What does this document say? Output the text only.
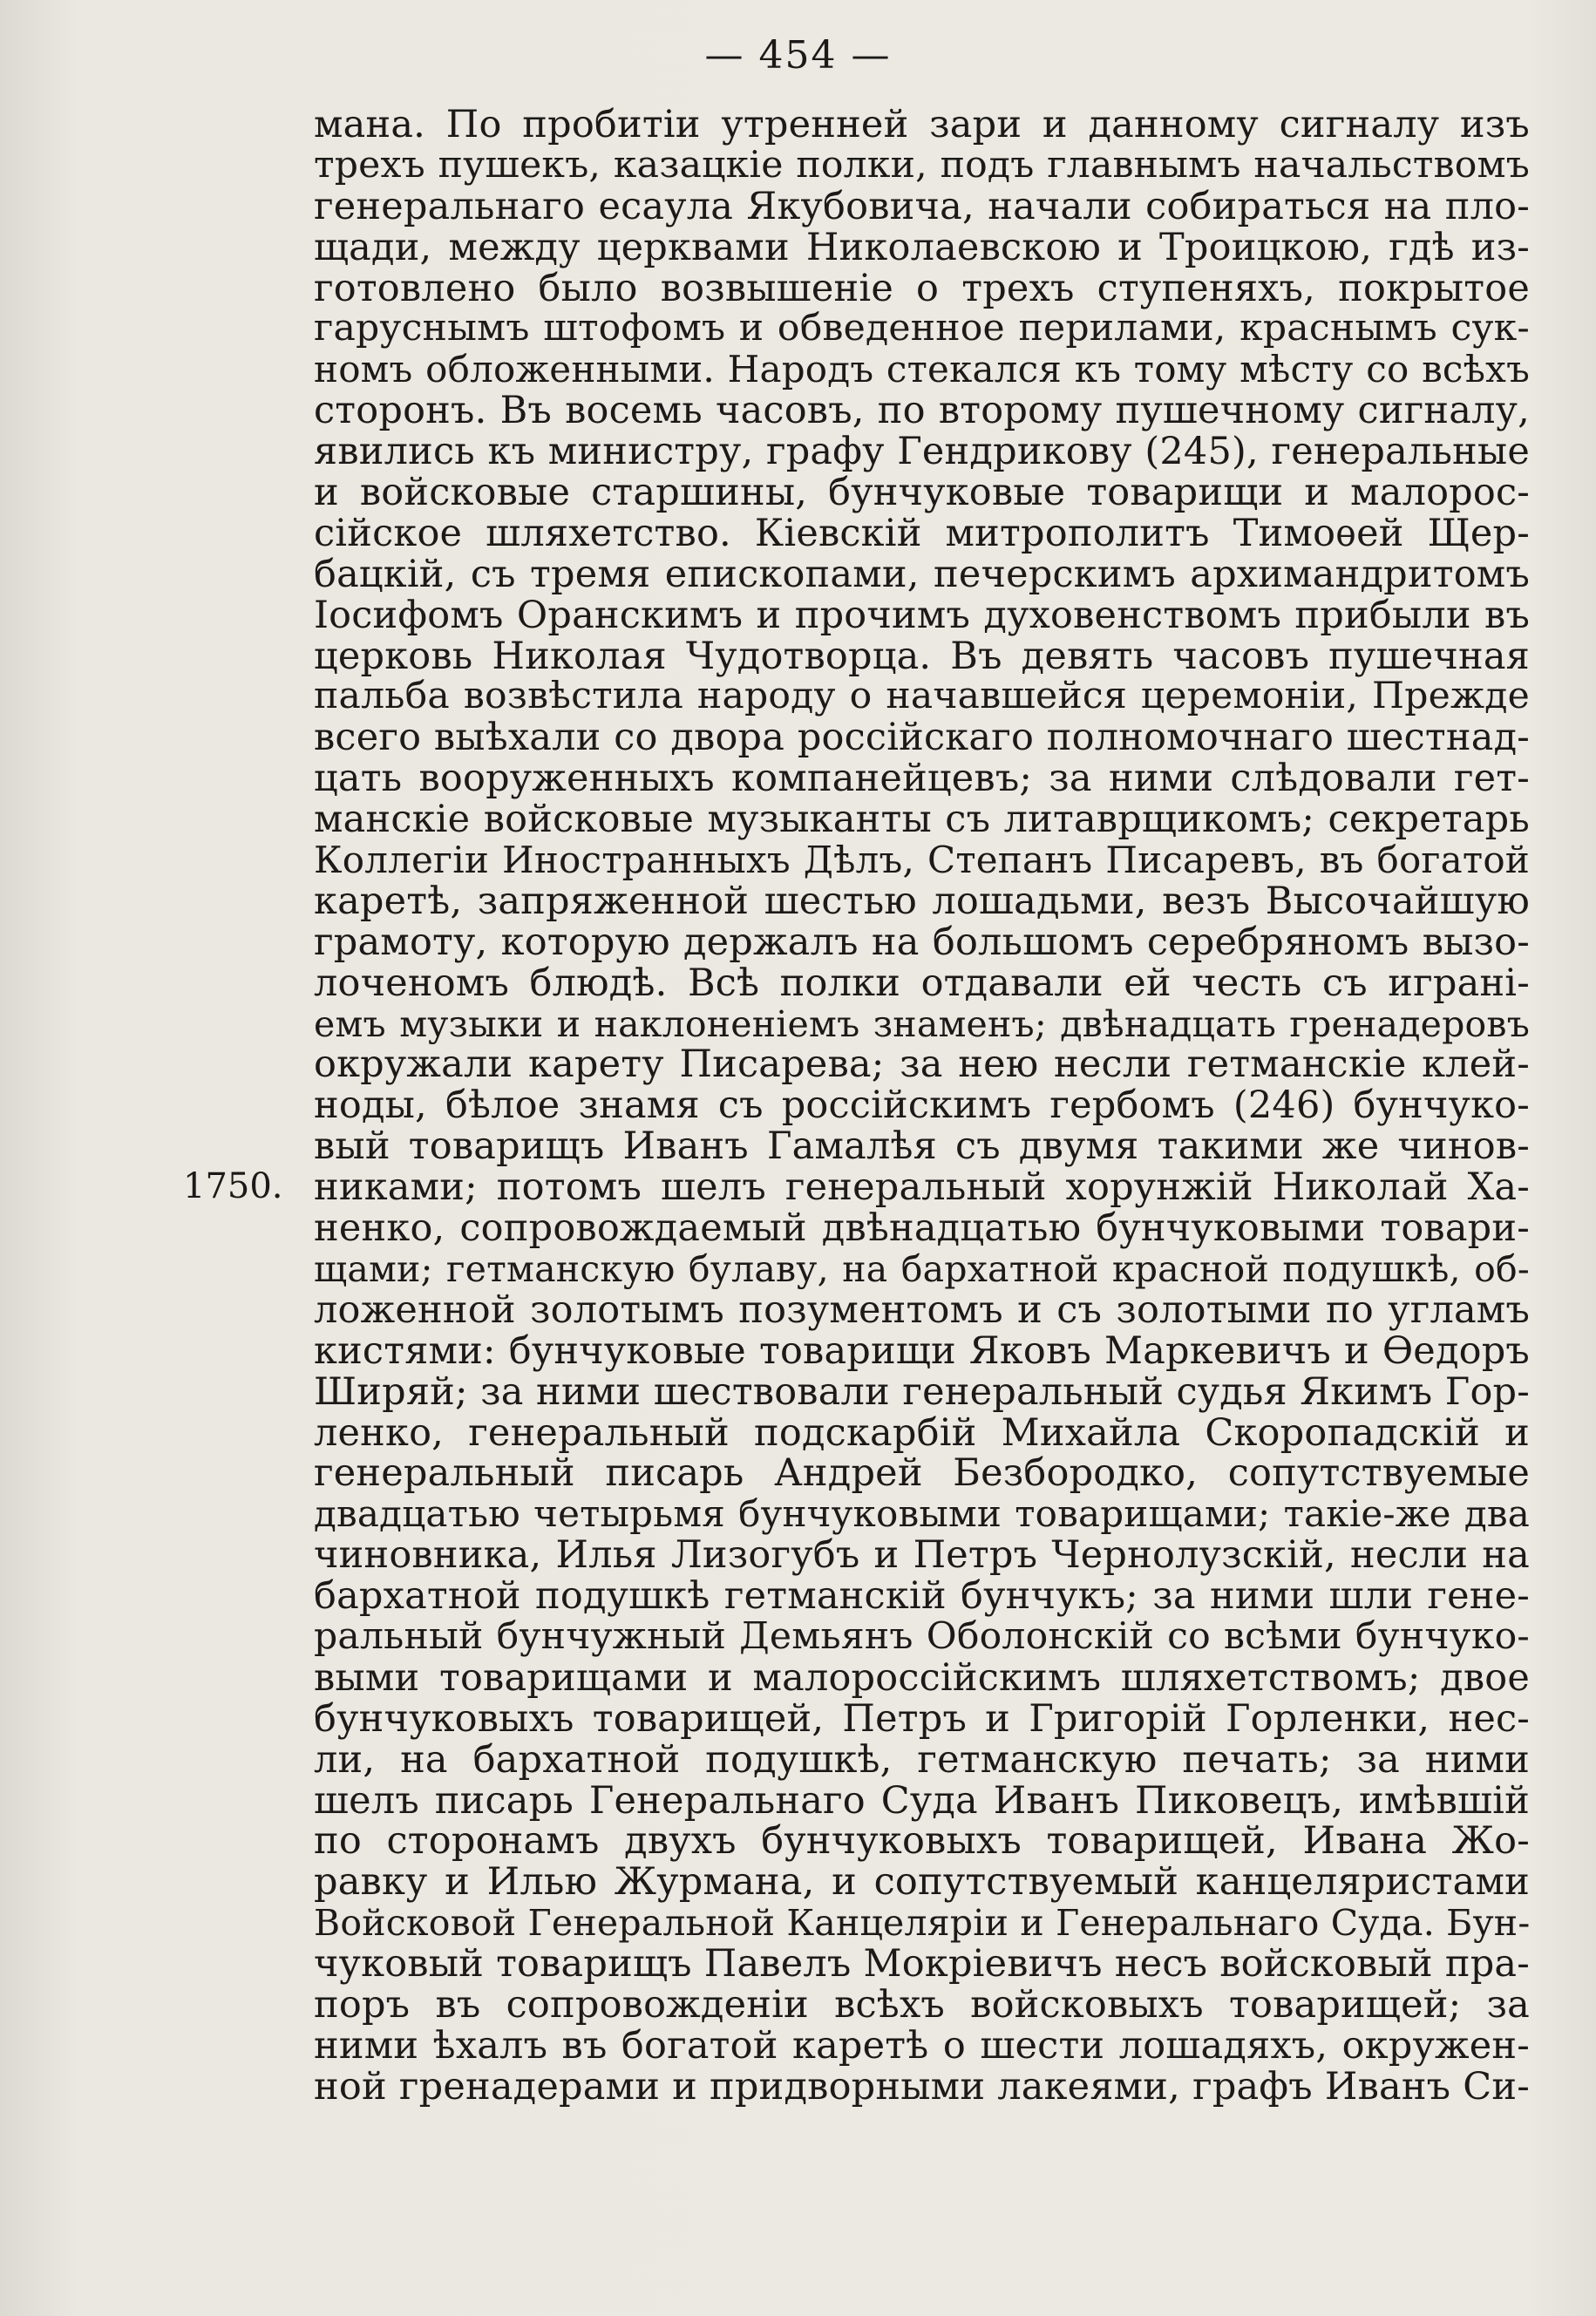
— 454 —
1750.
мана. По пробитіи утренней зари и данному сигналу изъ
трехъ пушекъ, казацкіе полки, подъ главнымъ начальствомъ
генеральнаго есаула Якубовича, начали собираться на пло-
щади, между церквами Николаевскою и Троицкою, гдѣ из-
готовлено было возвышеніе о трехъ ступеняхъ, покрытое
гаруснымъ штофомъ и обведенное перилами, краснымъ сук-
номъ обложенными. Народъ стекался къ тому мѣсту со всѣхъ
сторонъ. Въ восемь часовъ, по второму пушечному сигналу,
явились къ министру, графу Гендрикову (245), генеральные
и войсковые старшины, бунчуковые товарищи и малорос-
сійское шляхетство. Кіевскій митрополитъ Тимоѳей Щер-
бацкій, съ тремя епископами, печерскимъ архимандритомъ
Іосифомъ Оранскимъ и прочимъ духовенствомъ прибыли въ
церковь Николая Чудотворца. Въ девять часовъ пушечная
пальба возвѣстила народу о начавшейся церемоніи, Прежде
всего выѣхали со двора россійскаго полномочнаго шестнад-
цать вооруженныхъ компанейцевъ; за ними слѣдовали гет-
манскіе войсковые музыканты съ литаврщикомъ; секретарь
Коллегіи Иностранныхъ Дѣлъ, Степанъ Писаревъ, въ богатой
каретѣ, запряженной шестью лошадьми, везъ Высочайшую
грамоту, которую держалъ на большомъ серебряномъ вызо-
лоченомъ блюдѣ. Всѣ полки отдавали ей честь съ играні-
емъ музыки и наклоненіемъ знаменъ; двѣнадцать гренадеровъ
окружали карету Писарева; за нею несли гетманскіе клей-
ноды, бѣлое знамя съ россійскимъ гербомъ (246) бунчуко-
вый товарищъ Иванъ Гамалѣя съ двумя такими же чинов-
никами; потомъ шелъ генеральный хорунжій Николай Ха-
ненко, сопровождаемый двѣнадцатью бунчуковыми товари-
щами; гетманскую булаву, на бархатной красной подушкѣ, об-
ложенной золотымъ позументомъ и съ золотыми по угламъ
кистями: бунчуковые товарищи Яковъ Маркевичъ и Ѳедоръ
Ширяй; за ними шествовали генеральный судья Якимъ Гор-
ленко, генеральный подскарбій Михайла Скоропадскій и
генеральный писарь Андрей Безбородко, сопутствуемые
двадцатью четырьмя бунчуковыми товарищами; такіе-же два
чиновника, Илья Лизогубъ и Петръ Чернолузскій, несли на
бархатной подушкѣ гетманскій бунчукъ; за ними шли гене-
ральный бунчужный Демьянъ Оболонскій со всѣми бунчуко-
выми товарищами и малороссійскимъ шляхетствомъ; двое
бунчуковыхъ товарищей, Петръ и Григорій Горленки, нес-
ли, на бархатной подушкѣ, гетманскую печать; за ними
шелъ писарь Генеральнаго Суда Иванъ Пиковецъ, имѣвшій
по сторонамъ двухъ бунчуковыхъ товарищей, Ивана Жо-
равку и Илью Журмана, и сопутствуемый канцеляристами
Войсковой Генеральной Канцеляріи и Генеральнаго Суда. Бун-
чуковый товарищъ Павелъ Мокріевичъ несъ войсковый пра-
поръ въ сопровожденіи всѣхъ войсковыхъ товарищей; за
ними ѣхалъ въ богатой каретѣ о шести лошадяхъ, окружен-
ной гренадерами и придворными лакеями, графъ Иванъ Си-
